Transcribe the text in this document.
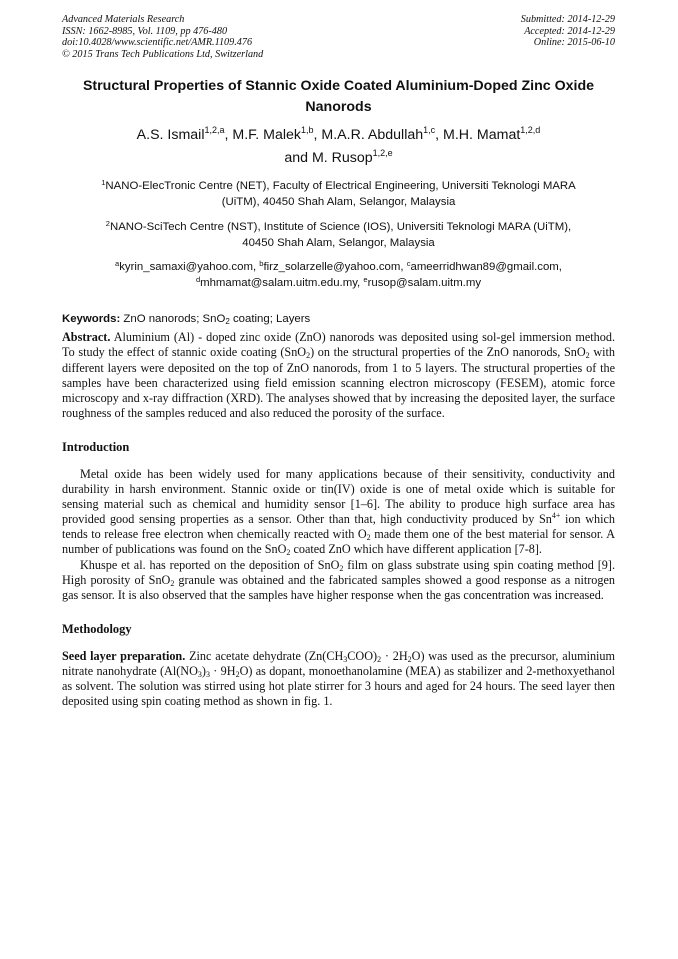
Advanced Materials Research
ISSN: 1662-8985, Vol. 1109, pp 476-480
doi:10.4028/www.scientific.net/AMR.1109.476
© 2015 Trans Tech Publications Ltd, Switzerland
Submitted: 2014-12-29
Accepted: 2014-12-29
Online: 2015-06-10
Structural Properties of Stannic Oxide Coated Aluminium-Doped Zinc Oxide Nanorods
A.S. Ismail$^{1,2,a}$, M.F. Malek$^{1,b}$, M.A.R. Abdullah$^{1,c}$, M.H. Mamat$^{1,2,d}$
and M. Rusop$^{1,2,e}$
$^1$NANO-ElecTronic Centre (NET), Faculty of Electrical Engineering, Universiti Teknologi MARA
(UiTM), 40450 Shah Alam, Selangor, Malaysia
$^2$NANO-SciTech Centre (NST), Institute of Science (IOS), Universiti Teknologi MARA (UiTM),
40450 Shah Alam, Selangor, Malaysia
$^a$kyrin_samaxi@yahoo.com, $^b$firz_solarzelle@yahoo.com, $^c$ameerridhwan89@gmail.com,
$^d$mhmamat@salam.uitm.edu.my, $^e$rusop@salam.uitm.my
Keywords: ZnO nanorods; SnO$_2$ coating; Layers
Abstract. Aluminium (Al) - doped zinc oxide (ZnO) nanorods was deposited using sol-gel immersion method. To study the effect of stannic oxide coating (SnO$_2$) on the structural properties of the ZnO nanorods, SnO$_2$ with different layers were deposited on the top of ZnO nanorods, from 1 to 5 layers. The structural properties of the samples have been characterized using field emission scanning electron microscopy (FESEM), atomic force microscopy and x-ray diffraction (XRD). The analyses showed that by increasing the deposited layer, the surface roughness of the samples reduced and also reduced the porosity of the surface.
Introduction
Metal oxide has been widely used for many applications because of their sensitivity, conductivity and durability in harsh environment. Stannic oxide or tin(IV) oxide is one of metal oxide which is suitable for sensing material such as chemical and humidity sensor [1–6]. The ability to produce high surface area has provided good sensing properties as a sensor. Other than that, high conductivity produced by $Sn^{4+}$ ion which tends to release free electron when chemically reacted with $O_2$ made them one of the best material for sensor. A number of publications was found on the SnO$_2$ coated ZnO which have different application [7-8].
Khuspe et al. has reported on the deposition of SnO$_2$ film on glass substrate using spin coating method [9]. High porosity of SnO$_2$ granule was obtained and the fabricated samples showed a good response as a nitrogen gas sensor. It is also observed that the samples have higher response when the gas concentration was increased.
Methodology
Seed layer preparation. Zinc acetate dehydrate $(Zn(CH_3COO)_2 \cdot 2H_2O)$ was used as the precursor, aluminium nitrate nanohydrate $(Al(NO_3)_3 \cdot 9H_2O)$ as dopant, monoethanolamine (MEA) as stabilizer and 2-methoxyethanol as solvent. The solution was stirred using hot plate stirrer for 3 hours and aged for 24 hours. The seed layer then deposited using spin coating method as shown in fig. 1.
